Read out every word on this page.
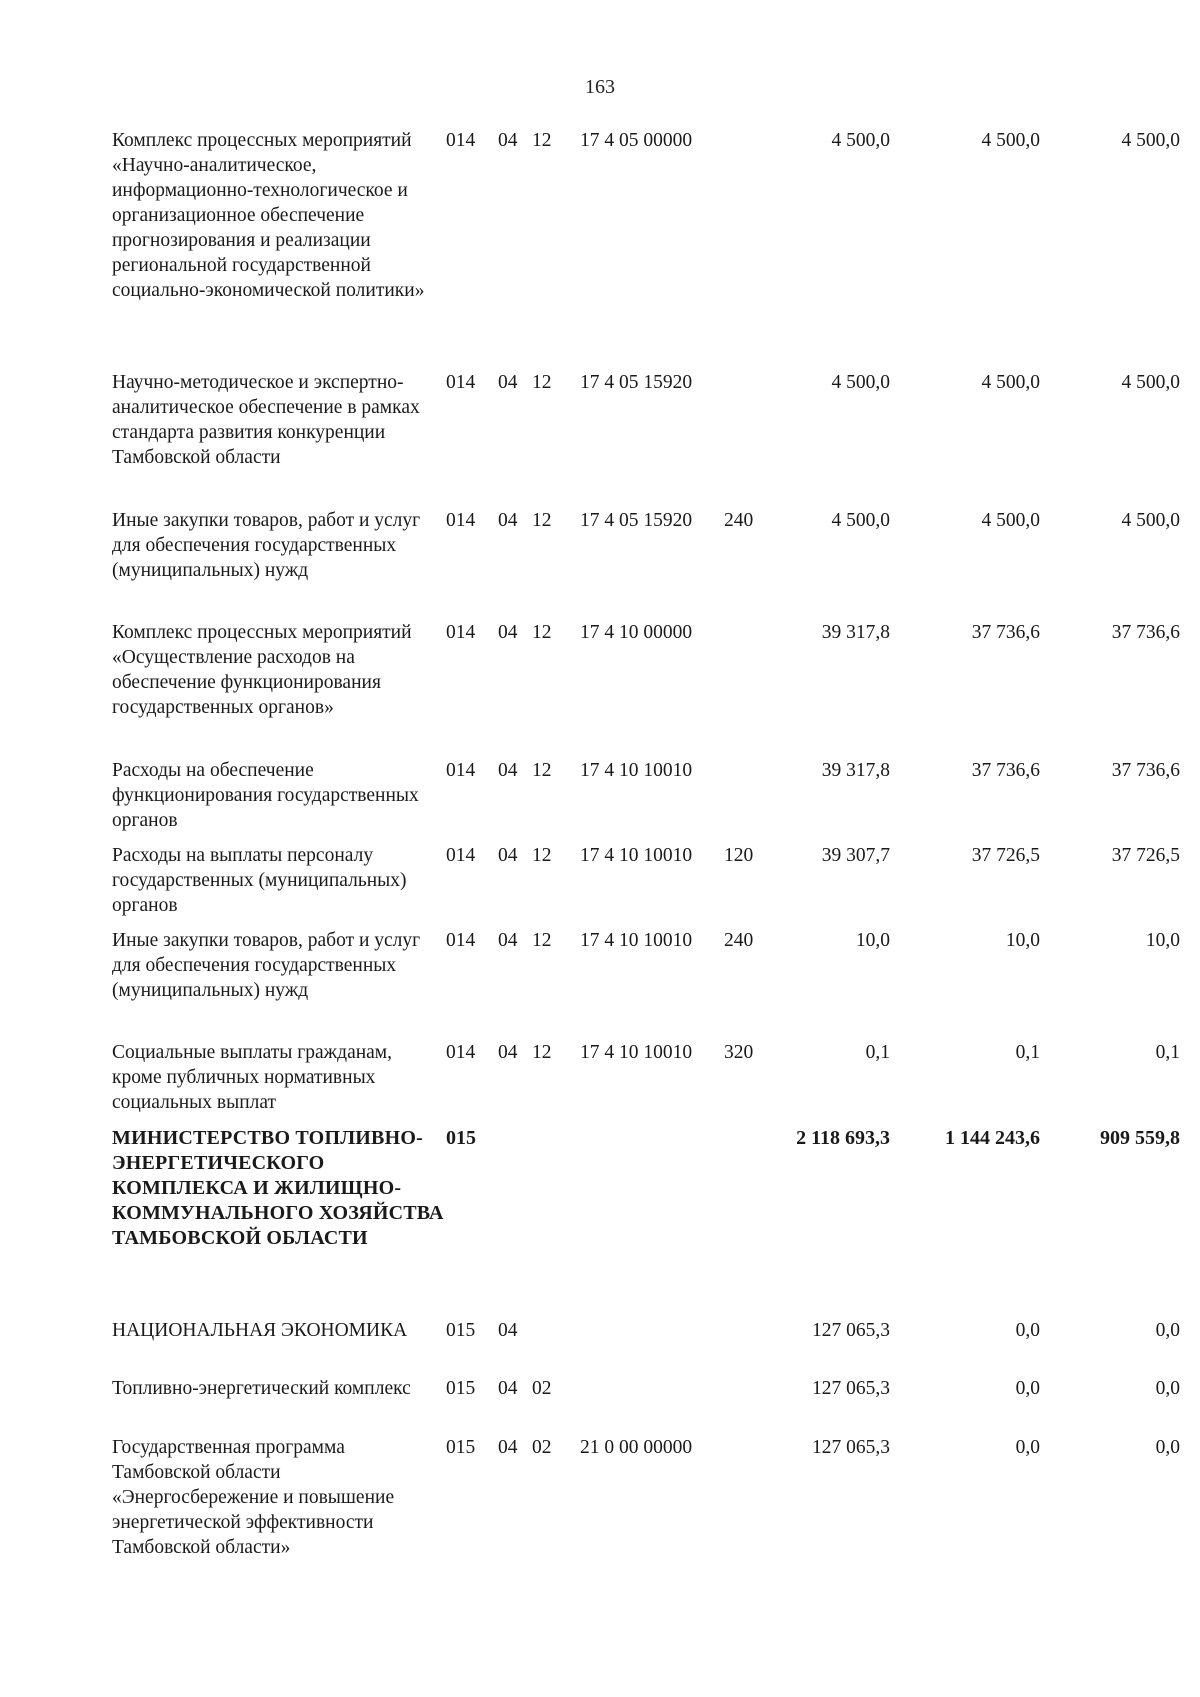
163
Комплекс процессных мероприятий «Научно-аналитическое, информационно-технологическое и организационное обеспечение прогнозирования и реализации региональной государственной социально-экономической политики»
014 04 12 17 4 05 00000	4 500,0	4 500,0	4 500,0
Научно-методическое и экспертно-аналитическое обеспечение в рамках стандарта развития конкуренции Тамбовской области
014 04 12 17 4 05 15920	4 500,0	4 500,0	4 500,0
Иные закупки товаров, работ и услуг для обеспечения государственных (муниципальных) нужд
014 04 12 17 4 05 15920 240	4 500,0	4 500,0	4 500,0
Комплекс процессных мероприятий «Осуществление расходов на обеспечение функционирования государственных органов»
014 04 12 17 4 10 00000	39 317,8	37 736,6	37 736,6
Расходы на обеспечение функционирования государственных органов
014 04 12 17 4 10 10010	39 317,8	37 736,6	37 736,6
Расходы на выплаты персоналу государственных (муниципальных) органов
014 04 12 17 4 10 10010 120	39 307,7	37 726,5	37 726,5
Иные закупки товаров, работ и услуг для обеспечения государственных (муниципальных) нужд
014 04 12 17 4 10 10010 240	10,0	10,0	10,0
Социальные выплаты гражданам, кроме публичных нормативных социальных выплат
014 04 12 17 4 10 10010 320	0,1	0,1	0,1
МИНИСТЕРСТВО ТОПЛИВНО-ЭНЕРГЕТИЧЕСКОГО КОМПЛЕКСА И ЖИЛИЩНО-КОММУНАЛЬНОГО ХОЗЯЙСТВА ТАМБОВСКОЙ ОБЛАСТИ
015	2 118 693,3	1 144 243,6	909 559,8
НАЦИОНАЛЬНАЯ ЭКОНОМИКА	015 04	127 065,3	0,0	0,0
Топливно-энергетический комплекс	015 04 02	127 065,3	0,0	0,0
Государственная программа Тамбовской области «Энергосбережение и повышение энергетической эффективности Тамбовской области»
015 04 02 21 0 00 00000	127 065,3	0,0	0,0
